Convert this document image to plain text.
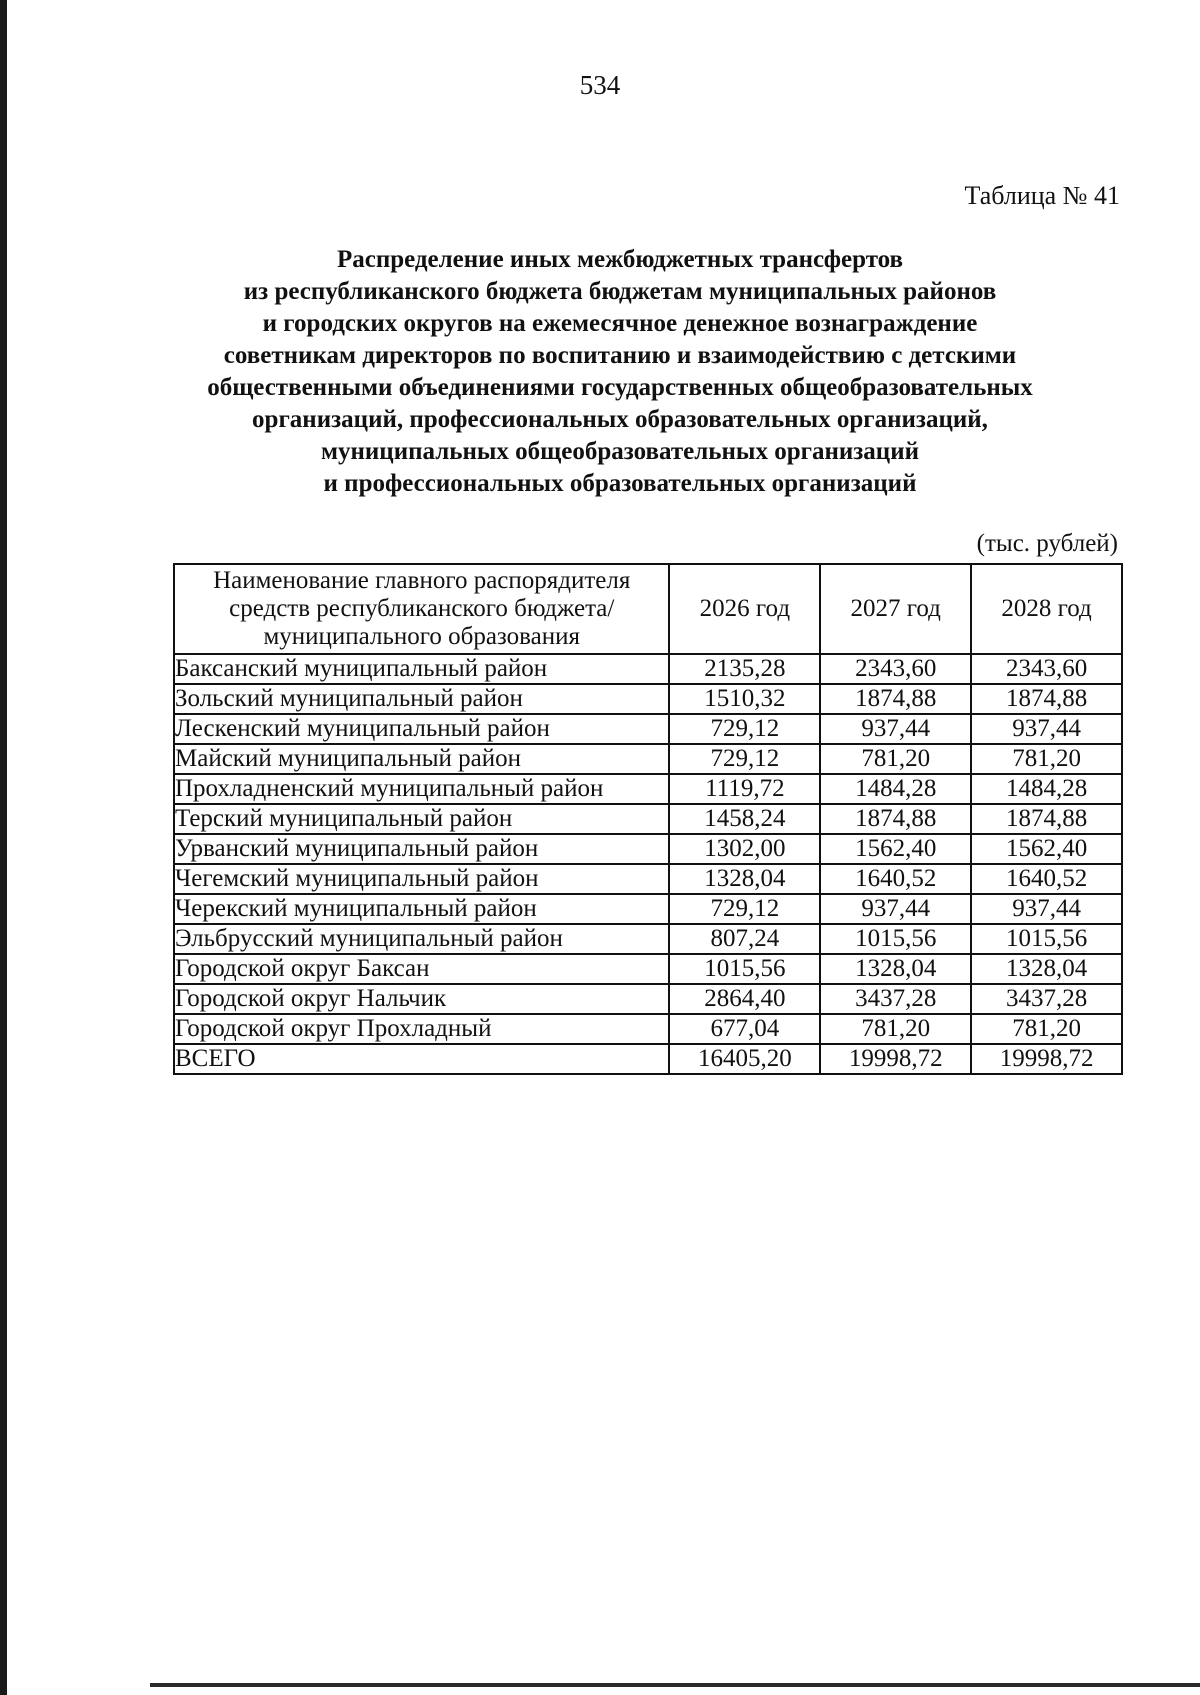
534
Таблица № 41
Распределение иных межбюджетных трансфертов
из республиканского бюджета бюджетам муниципальных районов
и городских округов на ежемесячное денежное вознаграждение
советникам директоров по воспитанию и взаимодействию с детскими
общественными объединениями государственных общеобразовательных
организаций, профессиональных образовательных организаций,
муниципальных общеобразовательных организаций
и профессиональных образовательных организаций
(тыс. рублей)
Наименование главного распорядителя
средств республиканского бюджета/
муниципального образования	2026 год	2027 год	2028 год
Баксанский муниципальный район	2135,28	2343,60	2343,60
Зольский муниципальный район	1510,32	1874,88	1874,88
Лескенский муниципальный район	729,12	937,44	937,44
Майский муниципальный район	729,12	781,20	781,20
Прохладненский муниципальный район	1119,72	1484,28	1484,28
Терский муниципальный район	1458,24	1874,88	1874,88
Урванский муниципальный район	1302,00	1562,40	1562,40
Чегемский муниципальный район	1328,04	1640,52	1640,52
Черекский муниципальный район	729,12	937,44	937,44
Эльбрусский муниципальный район	807,24	1015,56	1015,56
Городской округ Баксан	1015,56	1328,04	1328,04
Городской округ Нальчик	2864,40	3437,28	3437,28
Городской округ Прохладный	677,04	781,20	781,20
ВСЕГО	16405,20	19998,72	19998,72
